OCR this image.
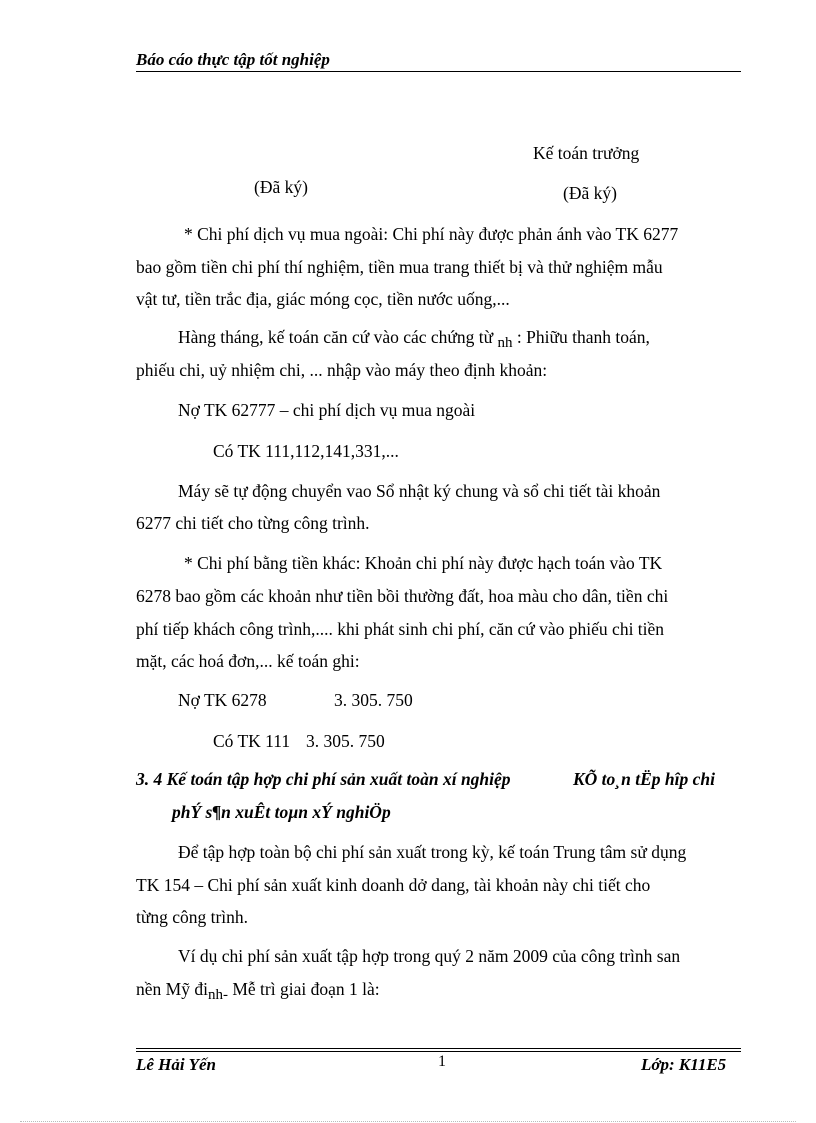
Báo cáo thực tập tốt nghiệp
Kế toán trưởng
(Đã ký)	(Đã ký)
* Chi phí dịch vụ mua ngoài: Chi phí này được phản ánh vào TK 6277
bao gồm tiền chi phí thí nghiệm, tiền mua trang thiết bị và thử nghiệm mẫu
vật tư, tiền trắc địa, giác móng cọc, tiền nước uống,...
Hàng tháng, kế toán căn cứ vào các chứng từ nh : Phiữu thanh toán,
phiếu chi, uỷ nhiệm chi, ... nhập vào máy theo định khoản:
Nợ TK 62777 – chi phí dịch vụ mua ngoài
Có TK 111,112,141,331,...
Máy sẽ tự động chuyển vao Sổ nhật ký chung và sổ chi tiết tài khoản
6277 chi tiết cho từng công trình.
* Chi phí bằng tiền khác: Khoản chi phí này được hạch toán vào TK
6278 bao gồm các khoản như tiền bồi thường đất, hoa màu cho dân, tiền chi
phí tiếp khách công trình,.... khi phát sinh chi phí, căn cứ vào phiếu chi tiền
mặt, các hoá đơn,... kế toán ghi:
Nợ TK 6278	3. 305. 750
Có TK 111 3. 305. 750
3. 4 Kế toán tập hợp chi phí sản xuất toàn xí nghiệp	KÕ to¸n tËp hîp chi
phÝ s¶n xuÊt toµn xÝ nghiÖp
Để tập hợp toàn bộ chi phí sản xuất trong kỳ, kế toán Trung tâm sử dụng
TK 154 – Chi phí sản xuất kinh doanh dở dang, tài khoản này chi tiết cho
từng công trình.
Ví dụ chi phí sản xuất tập hợp trong quý 2 năm 2009 của công trình san
nền Mỹ đinh- Mễ trì giai đoạn 1 là:
Lê Hải Yến	1	Lớp: K11E5
